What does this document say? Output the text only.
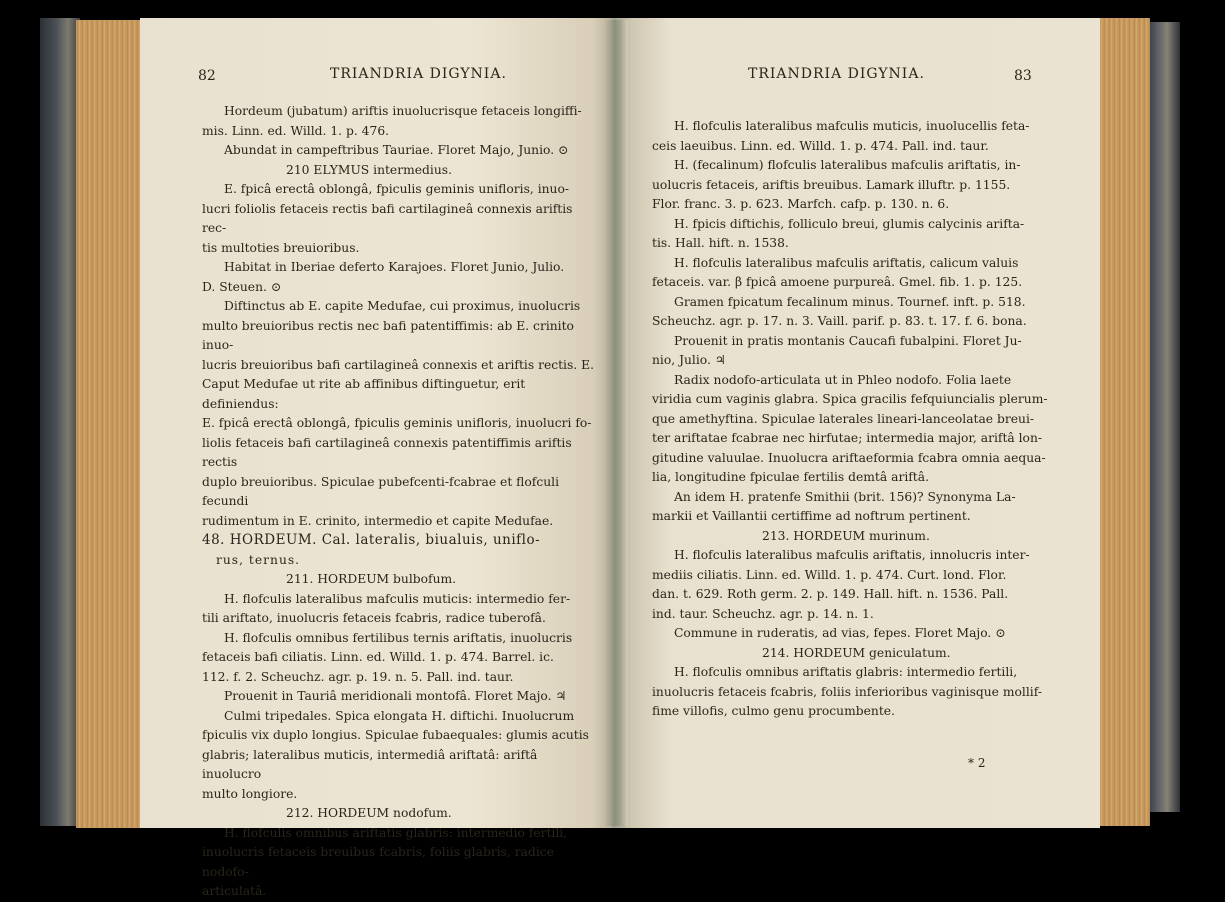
82	TRIANDRIA DIGYNIA.

Hordeum (jubatum) ariftis inuolucrisque fetaceis longiffi-

mis. Linn. ed. Willd. 1. p. 476.

Abundat in campeftribus Tauriae. Floret Majo, Junio. ⊙

210 ELYMUS intermedius.

E. fpicâ erectâ oblongâ, fpiculis geminis unifloris, inuo-

lucri foliolis fetaceis rectis bafi cartilagineâ connexis ariftis rec-

tis multoties breuioribus.

Habitat in Iberiae deferto Karajoes. Floret Junio, Julio.

D. Steuen. ⊙

Diftinctus ab E. capite Medufae, cui proximus, inuolucris

multo breuioribus rectis nec bafi patentiffimis: ab E. crinito inuo-

lucris breuioribus bafi cartilagineâ connexis et ariftis rectis. E.

Caput Medufae ut rite ab affinibus diftinguetur, erit definiendus:

E. fpicâ erectâ oblongâ, fpiculis geminis unifloris, inuolucri fo-

liolis fetaceis bafi cartilagineâ connexis patentiffimis ariftis rectis

duplo breuioribus. Spiculae pubefcenti-fcabrae et flofculi fecundi

rudimentum in E. crinito, intermedio et capite Medufae.

48. HORDEUM. Cal. lateralis, biualuis, uniflo-

rus, ternus.

211. HORDEUM bulbofum.

H. flofculis lateralibus mafculis muticis: intermedio fer-

tili ariftato, inuolucris fetaceis fcabris, radice tuberofâ.

H. flofculis omnibus fertilibus ternis ariftatis, inuolucris

fetaceis bafi ciliatis. Linn. ed. Willd. 1. p. 474. Barrel. ic.

112. f. 2. Scheuchz. agr. p. 19. n. 5. Pall. ind. taur.

Prouenit in Tauriâ meridionali montofâ. Floret Majo. ♃

Culmi tripedales. Spica elongata H. diftichi. Inuolucrum

fpiculis vix duplo longius. Spiculae fubaequales: glumis acutis

glabris; lateralibus muticis, intermediâ ariftatâ: ariftâ inuolucro

multo longiore.

212. HORDEUM nodofum.

H. flofculis omnibus ariftatis glabris: intermedio fertili,

inuolucris fetaceis breuibus fcabris, foliis glabris, radice nodofo-

articulatâ.

TRIANDRIA DIGYNIA.	83

H. flofculis lateralibus mafculis muticis, inuolucellis feta-

ceis laeuibus. Linn. ed. Willd. 1. p. 474. Pall. ind. taur.

H. (fecalinum) flofculis lateralibus mafculis ariftatis, in-

uolucris fetaceis, ariftis breuibus. Lamark illuftr. p. 1155.

Flor. franc. 3. p. 623. Marfch. cafp. p. 130. n. 6.

H. fpicis diftichis, folliculo breui, glumis calycinis arifta-

tis. Hall. hift. n. 1538.

H. flofculis lateralibus mafculis ariftatis, calicum valuis

fetaceis. var. β fpicâ amoene purpureâ. Gmel. fib. 1. p. 125.

Gramen fpicatum fecalinum minus. Tournef. inft. p. 518.

Scheuchz. agr. p. 17. n. 3. Vaill. parif. p. 83. t. 17. f. 6. bona.

Prouenit in pratis montanis Caucafi fubalpini. Floret Ju-

nio, Julio. ♃

Radix nodofo-articulata ut in Phleo nodofo. Folia laete

viridia cum vaginis glabra. Spica gracilis fefquiuncialis plerum-

que amethyftina. Spiculae laterales lineari-lanceolatae breui-

ter ariftatae fcabrae nec hirfutae; intermedia major, ariftâ lon-

gitudine valuulae. Inuolucra ariftaeformia fcabra omnia aequa-

lia, longitudine fpiculae fertilis demtâ ariftâ.

An idem H. pratenfe Smithii (brit. 156)? Synonyma La-

markii et Vaillantii certiffime ad noftrum pertinent.

213. HORDEUM murinum.

H. flofculis lateralibus mafculis ariftatis, innolucris inter-

mediis ciliatis. Linn. ed. Willd. 1. p. 474. Curt. lond. Flor.

dan. t. 629. Roth germ. 2. p. 149. Hall. hift. n. 1536. Pall.

ind. taur. Scheuchz. agr. p. 14. n. 1.

Commune in ruderatis, ad vias, fepes. Floret Majo. ⊙

214. HORDEUM geniculatum.

H. flofculis omnibus ariftatis glabris: intermedio fertili,

inuolucris fetaceis fcabris, foliis inferioribus vaginisque mollif-

fime villofis, culmo genu procumbente.

* 2
